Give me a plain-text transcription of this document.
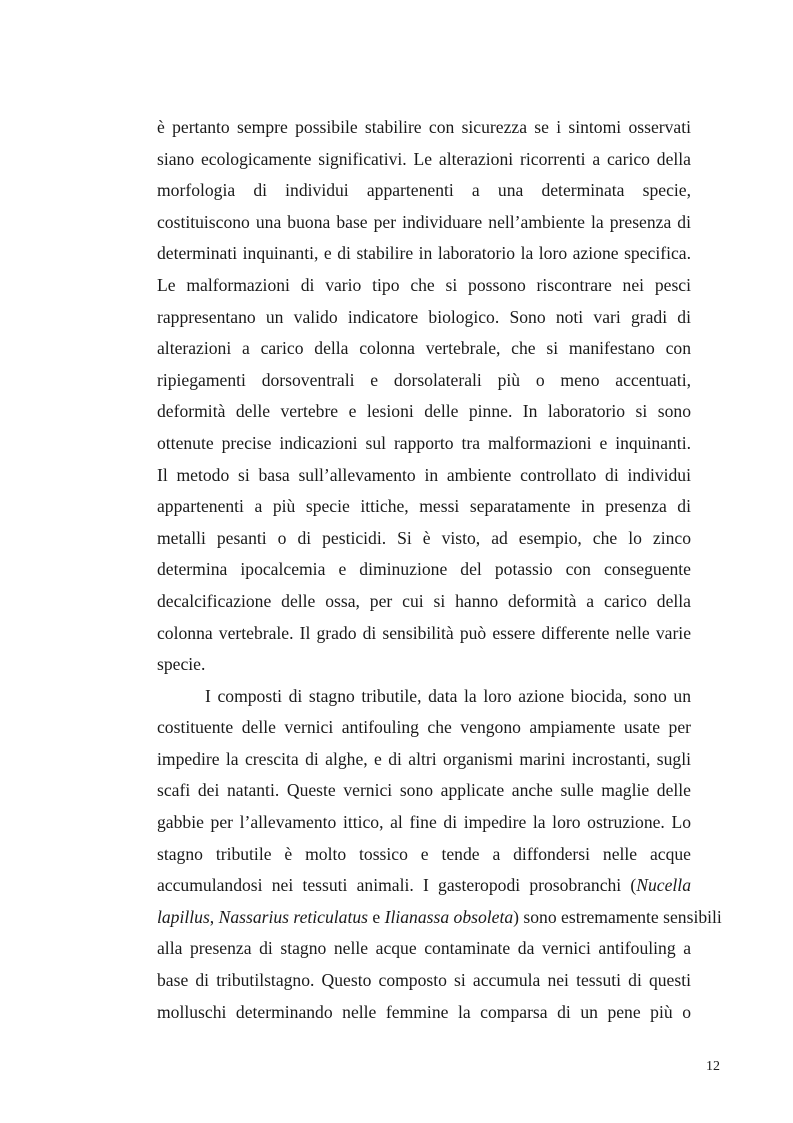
è pertanto sempre possibile stabilire con sicurezza se i sintomi osservati
siano ecologicamente significativi. Le alterazioni ricorrenti a carico della
morfologia di individui appartenenti a una determinata specie,
costituiscono una buona base per individuare nell’ambiente la presenza di
determinati inquinanti, e di stabilire in laboratorio la loro azione specifica.
Le malformazioni di vario tipo che si possono riscontrare nei pesci
rappresentano un valido indicatore biologico. Sono noti vari gradi di
alterazioni a carico della colonna vertebrale, che si manifestano con
ripiegamenti dorsoventrali e dorsolaterali più o meno accentuati,
deformità delle vertebre e lesioni delle pinne. In laboratorio si sono
ottenute precise indicazioni sul rapporto tra malformazioni e inquinanti.
Il metodo si basa sull’allevamento in ambiente controllato di individui
appartenenti a più specie ittiche, messi separatamente in presenza di
metalli pesanti o di pesticidi. Si è visto, ad esempio, che lo zinco
determina ipocalcemia e diminuzione del potassio con conseguente
decalcificazione delle ossa, per cui si hanno deformità a carico della
colonna vertebrale. Il grado di sensibilità può essere differente nelle varie
specie.

I composti di stagno tributile, data la loro azione biocida, sono un
costituente delle vernici antifouling che vengono ampiamente usate per
impedire la crescita di alghe, e di altri organismi marini incrostanti, sugli
scafi dei natanti. Queste vernici sono applicate anche sulle maglie delle
gabbie per l’allevamento ittico, al fine di impedire la loro ostruzione. Lo
stagno tributile è molto tossico e tende a diffondersi nelle acque
accumulandosi nei tessuti animali. I gasteropodi prosobranchi (Nucella
lapillus, Nassarius reticulatus e Ilianassa obsoleta) sono estremamente sensibili
alla presenza di stagno nelle acque contaminate da vernici antifouling a
base di tributilstagno. Questo composto si accumula nei tessuti di questi
molluschi determinando nelle femmine la comparsa di un pene più o

12
